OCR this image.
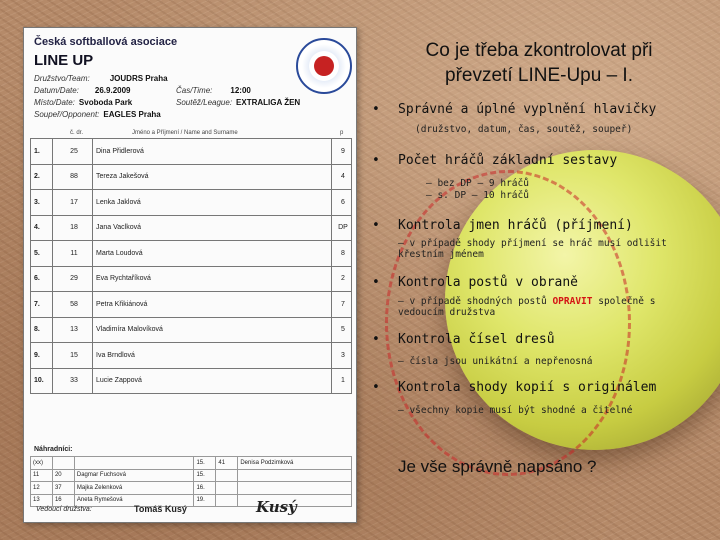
Česká softballová asociace
LINE UP
Družstvo/Team:	JOUDRS Praha
Datum/Date: 26.9.2009	Čas/Time: 12:00
Místo/Date: Svoboda Park	Soutěž/League: EXTRALIGA ŽEN
Soupeř/Opponent: EAGLES Praha
č. dr.	Jméno a Příjmení / Name and Surname	p
1.	25	Dina Přidlerová	9
2.	88	Tereza Jakešová	4
3.	17	Lenka Jaklová	6
4.	18	Jana Vaclková	DP
5.	11	Marta Loudová	8
6.	29	Eva Rychtaříková	2
7.	58	Petra Křikiánová	7
8.	13	Vladimíra Malovíková	5
9.	15	Iva Brndlová	3
10.	33	Lucie Zappová	1
Náhradníci:
(xx)			15.	41	Denisa Podzimková
11	20	Dagmar Fuchsová	15.		
12	37	Majka Zelenková	16.		
13	16	Aneta Rymešová	19.		
Vedoucí družstva:	Tomáš Kusý	Kusý
Co je třeba zkontrolovat při
převzetí LINE-Upu – I.
• Správné a úplné vyplnění hlavičky
(družstvo, datum, čas, soutěž, soupeř)
• Počet hráčů základní sestavy
– bez DP – 9 hráčů
– s. DP – 10 hráčů
• Kontrola jmen hráčů (příjmení)
– v případě shody příjmení se hráč musí odlišit
křestním jménem
• Kontrola postů v obraně
– v případě shodných postů OPRAVIT společně s
vedoucím družstva
• Kontrola čísel dresů
– čísla jsou unikátní a nepřenosná
• Kontrola shody kopií s originálem
– všechny kopie musí být shodné a čitelné
Je vše správně napsáno ?
